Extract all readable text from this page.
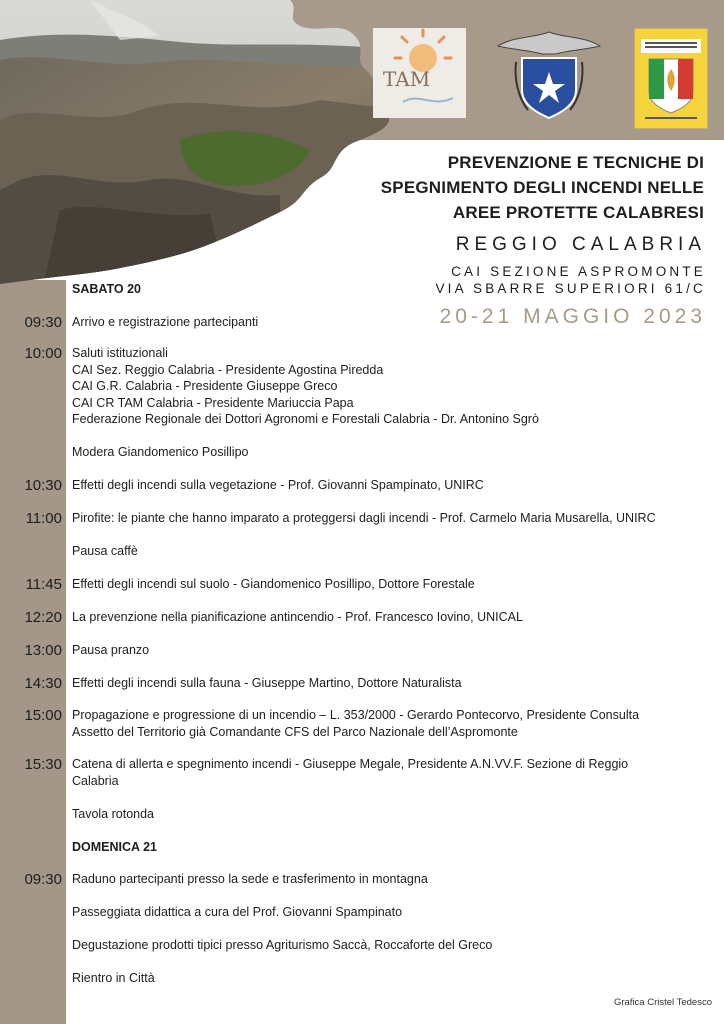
TAM
PREVENZIONE E TECNICHE DI
SPEGNIMENTO DEGLI INCENDI NELLE
AREE PROTETTE CALABRESI
REGGIO CALABRIA
CAI SEZIONE ASPROMONTE
VIA SBARRE SUPERIORI 61/C
20-21 MAGGIO 2023
SABATO 20
09:30 Arrivo e registrazione partecipanti
10:00 Saluti istituzionali
CAI Sez. Reggio Calabria - Presidente Agostina Piredda
CAI G.R. Calabria - Presidente Giuseppe Greco
CAI CR TAM Calabria - Presidente Mariuccia Papa
Federazione Regionale dei Dottori Agronomi e Forestali Calabria - Dr. Antonino Sgrò
Modera Giandomenico Posillipo
10:30 Effetti degli incendi sulla vegetazione - Prof. Giovanni Spampinato, UNIRC
11:00 Pirofite: le piante che hanno imparato a proteggersi dagli incendi - Prof. Carmelo Maria Musarella, UNIRC
Pausa caffè
11:45 Effetti degli incendi sul suolo - Giandomenico Posillipo, Dottore Forestale
12:20 La prevenzione nella pianificazione antincendio - Prof. Francesco Iovino, UNICAL
13:00 Pausa pranzo
14:30 Effetti degli incendi sulla fauna - Giuseppe Martino, Dottore Naturalista
15:00 Propagazione e progressione di un incendio – L. 353/2000 - Gerardo Pontecorvo, Presidente Consulta
Assetto del Territorio già Comandante CFS del Parco Nazionale dell’Aspromonte
15:30 Catena di allerta e spegnimento incendi - Giuseppe Megale, Presidente A.N.VV.F. Sezione di Reggio
Calabria
Tavola rotonda
DOMENICA 21
09:30 Raduno partecipanti presso la sede e trasferimento in montagna
Passeggiata didattica a cura del Prof. Giovanni Spampinato
Degustazione prodotti tipici presso Agriturismo Saccà, Roccaforte del Greco
Rientro in Città
Grafica Cristel Tedesco
